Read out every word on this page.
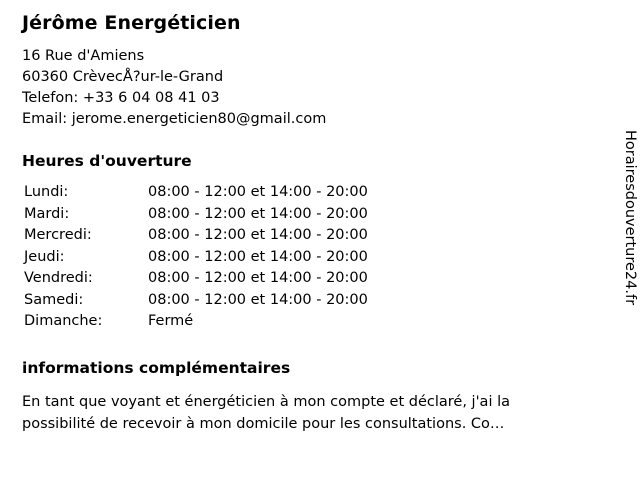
Jérôme Energéticien
16 Rue d'Amiens
60360 CrèvecÅ?ur-le-Grand
Telefon: +33 6 04 08 41 03
Email: jerome.energeticien80@gmail.com
Heures d'ouverture
Lundi:	08:00 - 12:00 et 14:00 - 20:00
Mardi:	08:00 - 12:00 et 14:00 - 20:00
Mercredi:	08:00 - 12:00 et 14:00 - 20:00
Jeudi:	08:00 - 12:00 et 14:00 - 20:00
Vendredi:	08:00 - 12:00 et 14:00 - 20:00
Samedi:	08:00 - 12:00 et 14:00 - 20:00
Dimanche:	Fermé
informations complémentaires

En tant que voyant et énergéticien à mon compte et déclaré, j'ai la possibilité de recevoir à mon domicile pour les consultations. Co…

Horairesdouverture24.fr
